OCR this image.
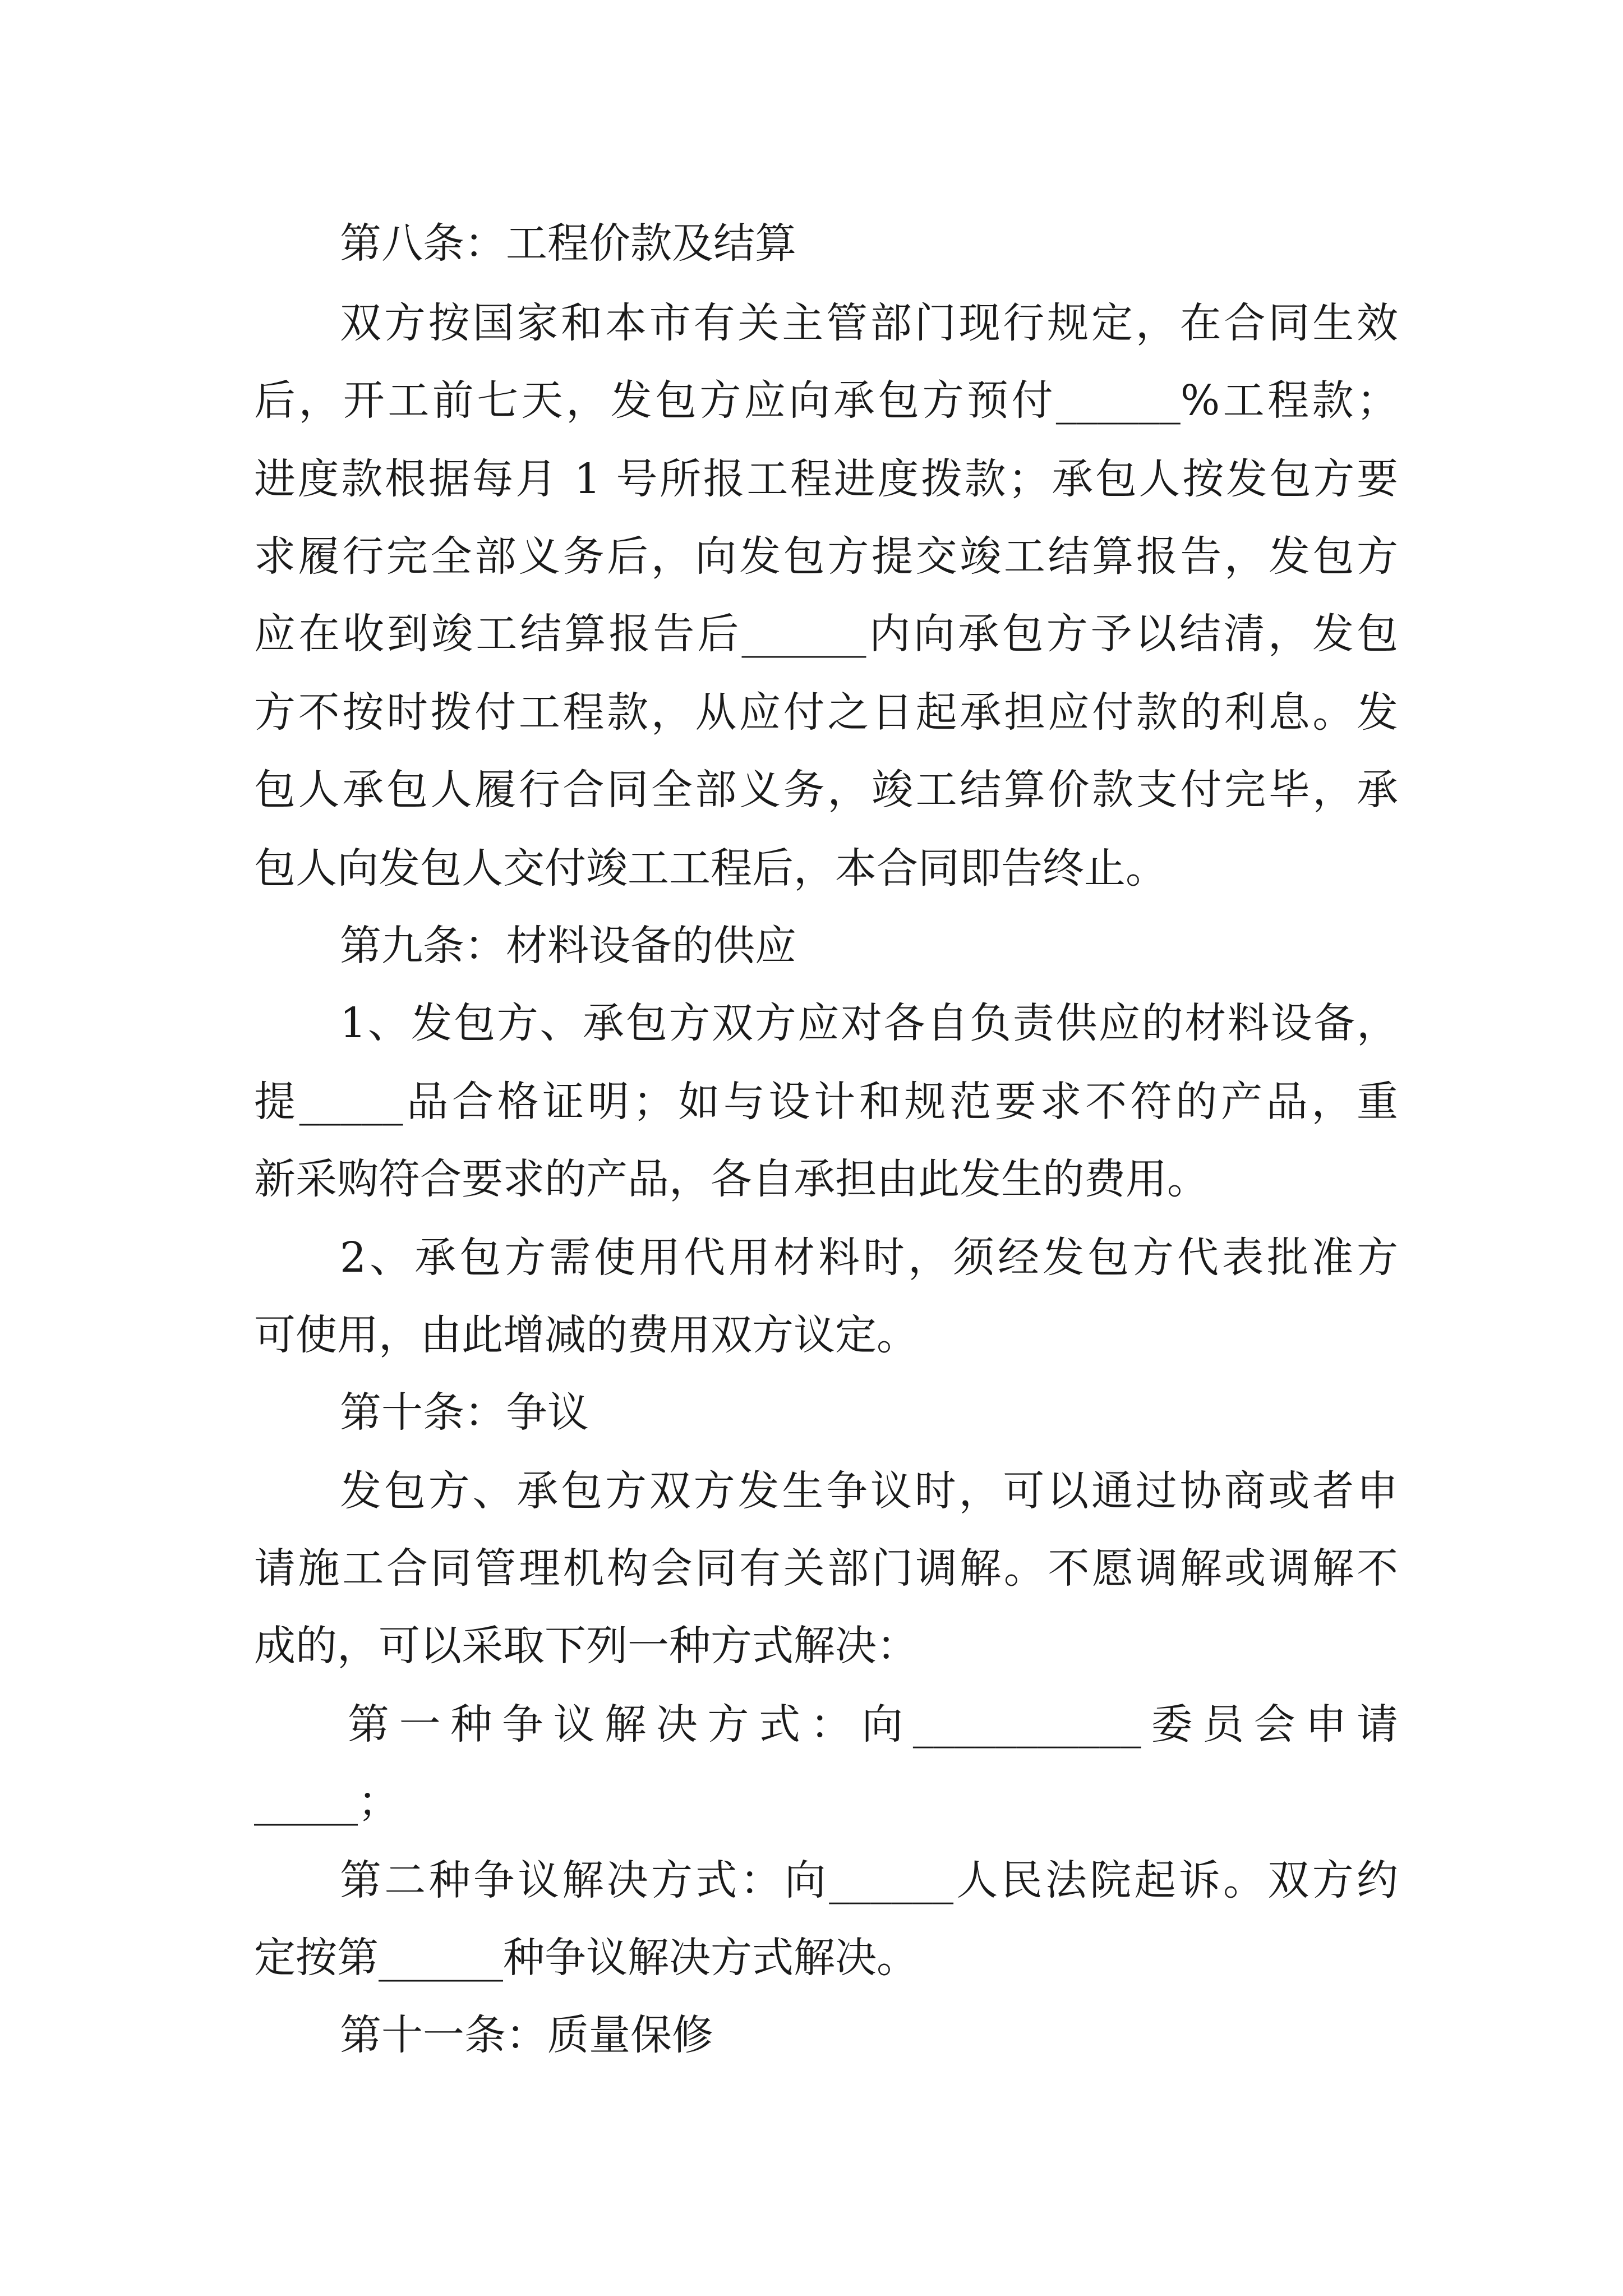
第八条：工程价款及结算
双方按国家和本市有关主管部门现行规定，在合同生效
后，开工前七天，发包方应向承包方预付______%工程款；
进度款根据每月 1 号所报工程进度拨款；承包人按发包方要
求履行完全部义务后，向发包方提交竣工结算报告，发包方
应在收到竣工结算报告后______内向承包方予以结清，发包
方不按时拨付工程款，从应付之日起承担应付款的利息。发
包人承包人履行合同全部义务，竣工结算价款支付完毕，承
包人向发包人交付竣工工程后，本合同即告终止。
第九条：材料设备的供应
1、发包方、承包方双方应对各自负责供应的材料设备，
提_____品合格证明；如与设计和规范要求不符的产品，重
新采购符合要求的产品，各自承担由此发生的费用。
2、承包方需使用代用材料时，须经发包方代表批准方
可使用，由此增减的费用双方议定。
第十条：争议
发包方、承包方双方发生争议时，可以通过协商或者申
请施工合同管理机构会同有关部门调解。不愿调解或调解不
成的，可以采取下列一种方式解决：
第一种争议解决方式：向___________委员会申请
_____；
第二种争议解决方式：向______人民法院起诉。双方约
定按第______种争议解决方式解决。
第十一条：质量保修
